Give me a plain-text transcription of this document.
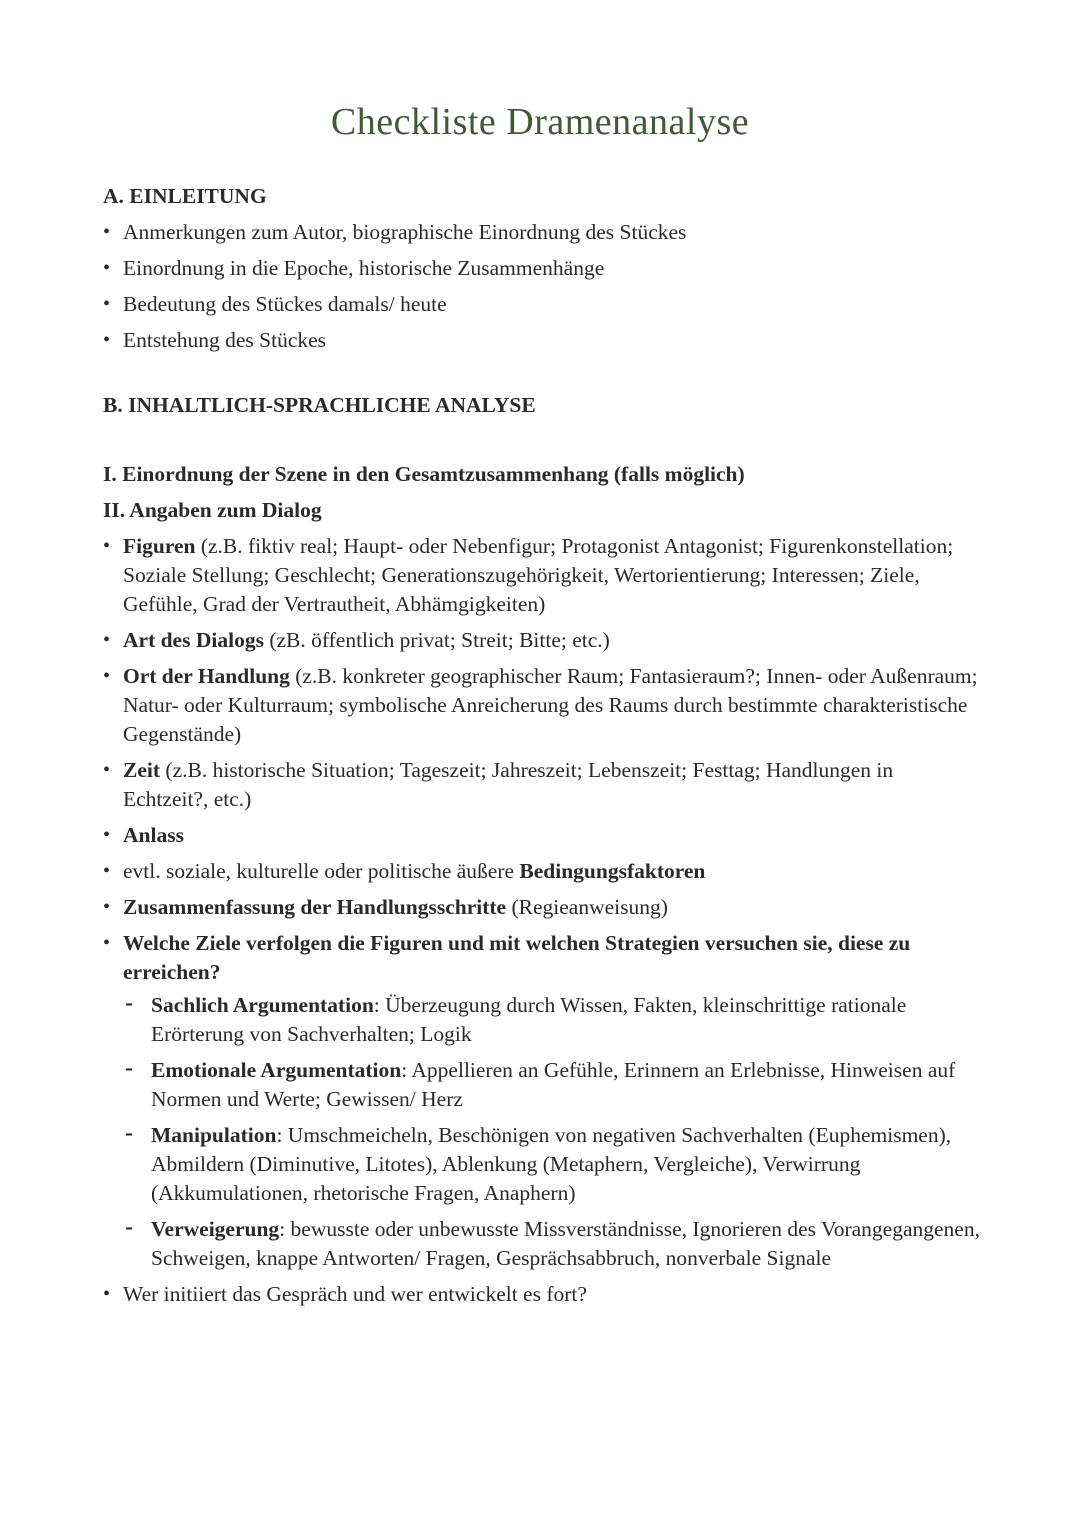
Checkliste Dramenanalyse
A. EINLEITUNG
• Anmerkungen zum Autor, biographische Einordnung des Stückes
• Einordnung in die Epoche, historische Zusammenhänge
• Bedeutung des Stückes damals/ heute
• Entstehung des Stückes
B. INHALTLICH-SPRACHLICHE ANALYSE
I. Einordnung der Szene in den Gesamtzusammenhang (falls möglich)
II. Angaben zum Dialog
• Figuren (z.B. fiktiv real; Haupt- oder Nebenfigur; Protagonist Antagonist; Figurenkonstellation; Soziale Stellung; Geschlecht; Generationszugehörigkeit, Wertorientierung; Interessen; Ziele, Gefühle, Grad der Vertrautheit, Abhämgigkeiten)
• Art des Dialogs (zB. öffentlich privat; Streit; Bitte; etc.)
• Ort der Handlung (z.B. konkreter geographischer Raum; Fantasieraum?; Innen- oder Außenraum; Natur- oder Kulturraum; symbolische Anreicherung des Raums durch bestimmte charakteristische Gegenstände)
• Zeit (z.B. historische Situation; Tageszeit; Jahreszeit; Lebenszeit; Festtag; Handlungen in Echtzeit?, etc.)
• Anlass
• evtl. soziale, kulturelle oder politische äußere Bedingungsfaktoren
• Zusammenfassung der Handlungsschritte (Regieanweisung)
• Welche Ziele verfolgen die Figuren und mit welchen Strategien versuchen sie, diese zu erreichen?
- Sachlich Argumentation: Überzeugung durch Wissen, Fakten, kleinschrittige rationale Erörterung von Sachverhalten; Logik
- Emotionale Argumentation: Appellieren an Gefühle, Erinnern an Erlebnisse, Hinweisen auf Normen und Werte; Gewissen/ Herz
- Manipulation: Umschmeicheln, Beschönigen von negativen Sachverhalten (Euphemismen), Abmildern (Diminutive, Litotes), Ablenkung (Metaphern, Vergleiche), Verwirrung (Akkumulationen, rhetorische Fragen, Anaphern)
- Verweigerung: bewusste oder unbewusste Missverständnisse, Ignorieren des Vorangegangenen, Schweigen, knappe Antworten/ Fragen, Gesprächsabbruch, nonverbale Signale
• Wer initiiert das Gespräch und wer entwickelt es fort?
